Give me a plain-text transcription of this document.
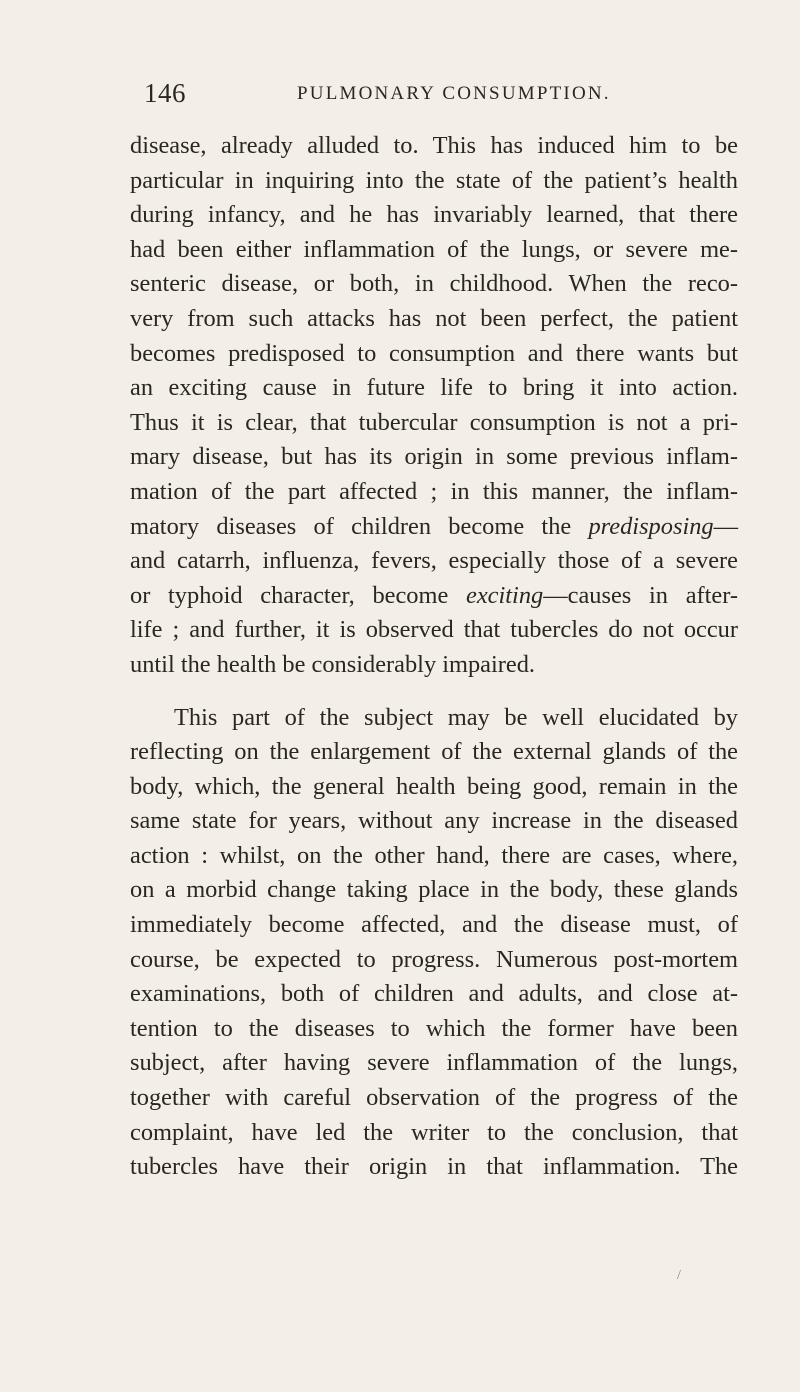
146	PULMONARY CONSUMPTION.
disease, already alluded to. This has induced him to be
particular in inquiring into the state of the patient’s health
during infancy, and he has invariably learned, that there
had been either inflammation of the lungs, or severe me-
senteric disease, or both, in childhood. When the reco-
very from such attacks has not been perfect, the patient
becomes predisposed to consumption and there wants but
an exciting cause in future life to bring it into action.
Thus it is clear, that tubercular consumption is not a pri-
mary disease, but has its origin in some previous inflam-
mation of the part affected ; in this manner, the inflam-
matory diseases of children become the predisposing—
and catarrh, influenza, fevers, especially those of a severe
or typhoid character, become exciting—causes in after-
life ; and further, it is observed that tubercles do not occur
until the health be considerably impaired.
This part of the subject may be well elucidated by
reflecting on the enlargement of the external glands of the
body, which, the general health being good, remain in the
same state for years, without any increase in the diseased
action : whilst, on the other hand, there are cases, where,
on a morbid change taking place in the body, these glands
immediately become affected, and the disease must, of
course, be expected to progress. Numerous post-mortem
examinations, both of children and adults, and close at-
tention to the diseases to which the former have been
subject, after having severe inflammation of the lungs,
together with careful observation of the progress of the
complaint, have led the writer to the conclusion, that
tubercles have their origin in that inflammation. The
/
